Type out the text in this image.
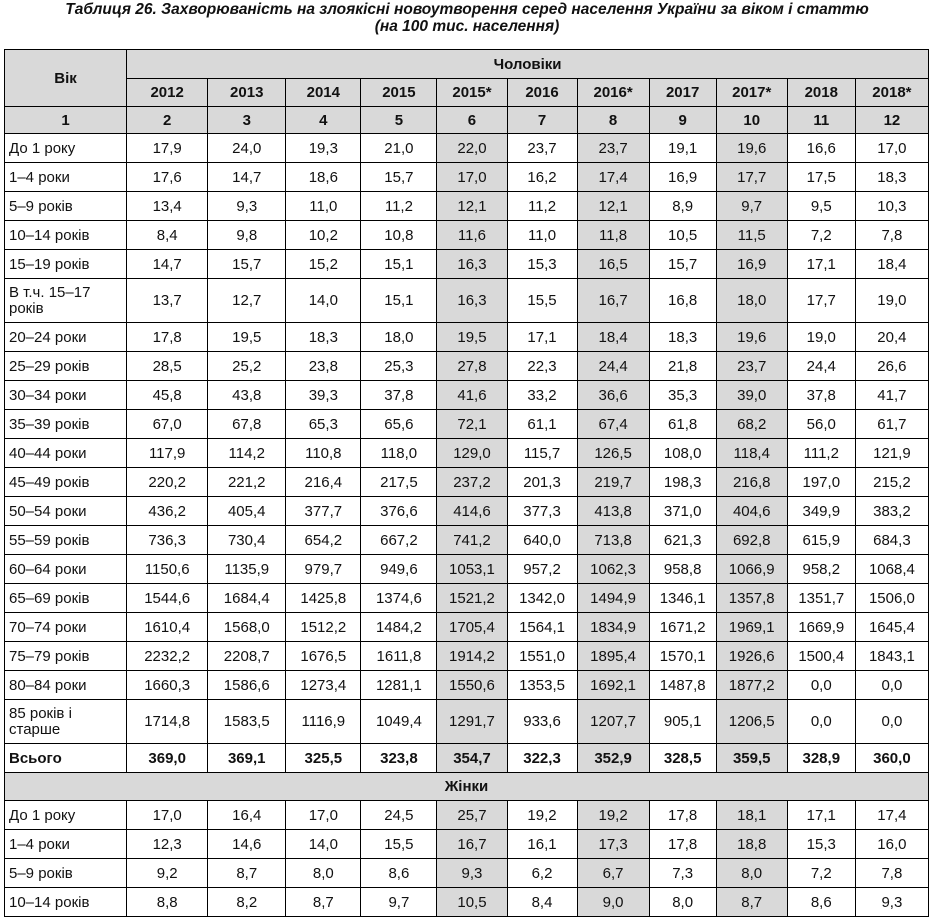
Таблиця 26. Захворюваність на злоякісні новоутворення серед населення України за віком і статтю
(на 100 тис. населення)
Вік	Чоловіки										
	2012	2013	2014	2015	2015*	2016	2016*	2017	2017*	2018	2018*
1	2	3	4	5	6	7	8	9	10	11	12
До 1 року	17,9	24,0	19,3	21,0	22,0	23,7	23,7	19,1	19,6	16,6	17,0
1–4 роки	17,6	14,7	18,6	15,7	17,0	16,2	17,4	16,9	17,7	17,5	18,3
5–9 років	13,4	9,3	11,0	11,2	12,1	11,2	12,1	8,9	9,7	9,5	10,3
10–14 років	8,4	9,8	10,2	10,8	11,6	11,0	11,8	10,5	11,5	7,2	7,8
15–19 років	14,7	15,7	15,2	15,1	16,3	15,3	16,5	15,7	16,9	17,1	18,4
В т.ч. 15–17 років	13,7	12,7	14,0	15,1	16,3	15,5	16,7	16,8	18,0	17,7	19,0
20–24 роки	17,8	19,5	18,3	18,0	19,5	17,1	18,4	18,3	19,6	19,0	20,4
25–29 років	28,5	25,2	23,8	25,3	27,8	22,3	24,4	21,8	23,7	24,4	26,6
30–34 роки	45,8	43,8	39,3	37,8	41,6	33,2	36,6	35,3	39,0	37,8	41,7
35–39 років	67,0	67,8	65,3	65,6	72,1	61,1	67,4	61,8	68,2	56,0	61,7
40–44 роки	117,9	114,2	110,8	118,0	129,0	115,7	126,5	108,0	118,4	111,2	121,9
45–49 років	220,2	221,2	216,4	217,5	237,2	201,3	219,7	198,3	216,8	197,0	215,2
50–54 роки	436,2	405,4	377,7	376,6	414,6	377,3	413,8	371,0	404,6	349,9	383,2
55–59 років	736,3	730,4	654,2	667,2	741,2	640,0	713,8	621,3	692,8	615,9	684,3
60–64 роки	1150,6	1135,9	979,7	949,6	1053,1	957,2	1062,3	958,8	1066,9	958,2	1068,4
65–69 років	1544,6	1684,4	1425,8	1374,6	1521,2	1342,0	1494,9	1346,1	1357,8	1351,7	1506,0
70–74 роки	1610,4	1568,0	1512,2	1484,2	1705,4	1564,1	1834,9	1671,2	1969,1	1669,9	1645,4
75–79 років	2232,2	2208,7	1676,5	1611,8	1914,2	1551,0	1895,4	1570,1	1926,6	1500,4	1843,1
80–84 роки	1660,3	1586,6	1273,4	1281,1	1550,6	1353,5	1692,1	1487,8	1877,2	0,0	0,0
85 років і старше	1714,8	1583,5	1116,9	1049,4	1291,7	933,6	1207,7	905,1	1206,5	0,0	0,0
Всього	369,0	369,1	325,5	323,8	354,7	322,3	352,9	328,5	359,5	328,9	360,0
Жінки											
До 1 року	17,0	16,4	17,0	24,5	25,7	19,2	19,2	17,8	18,1	17,1	17,4
1–4 роки	12,3	14,6	14,0	15,5	16,7	16,1	17,3	17,8	18,8	15,3	16,0
5–9 років	9,2	8,7	8,0	8,6	9,3	6,2	6,7	7,3	8,0	7,2	7,8
10–14 років	8,8	8,2	8,7	9,7	10,5	8,4	9,0	8,0	8,7	8,6	9,3
